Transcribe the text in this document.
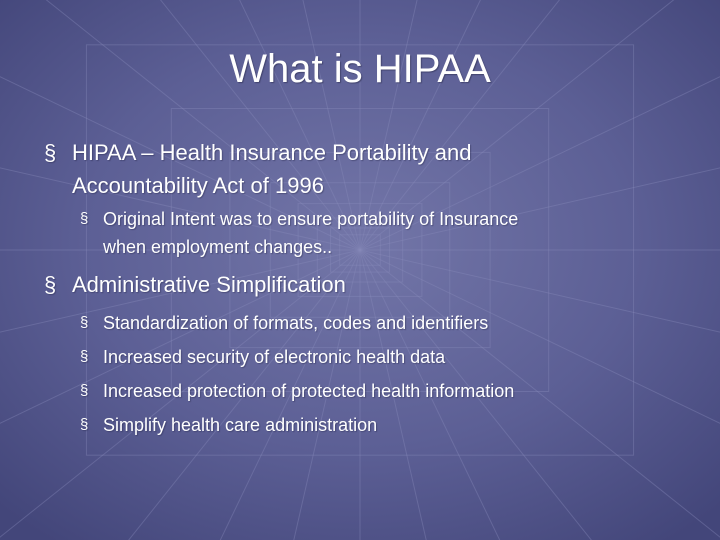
What is HIPAA
§ HIPAA – Health Insurance Portability and
Accountability Act of 1996
§ Original Intent was to ensure portability of Insurance
when employment changes..
§ Administrative Simplification
§ Standardization of formats, codes and identifiers
§ Increased security of electronic health data
§ Increased protection of protected health information
§ Simplify health care administration
